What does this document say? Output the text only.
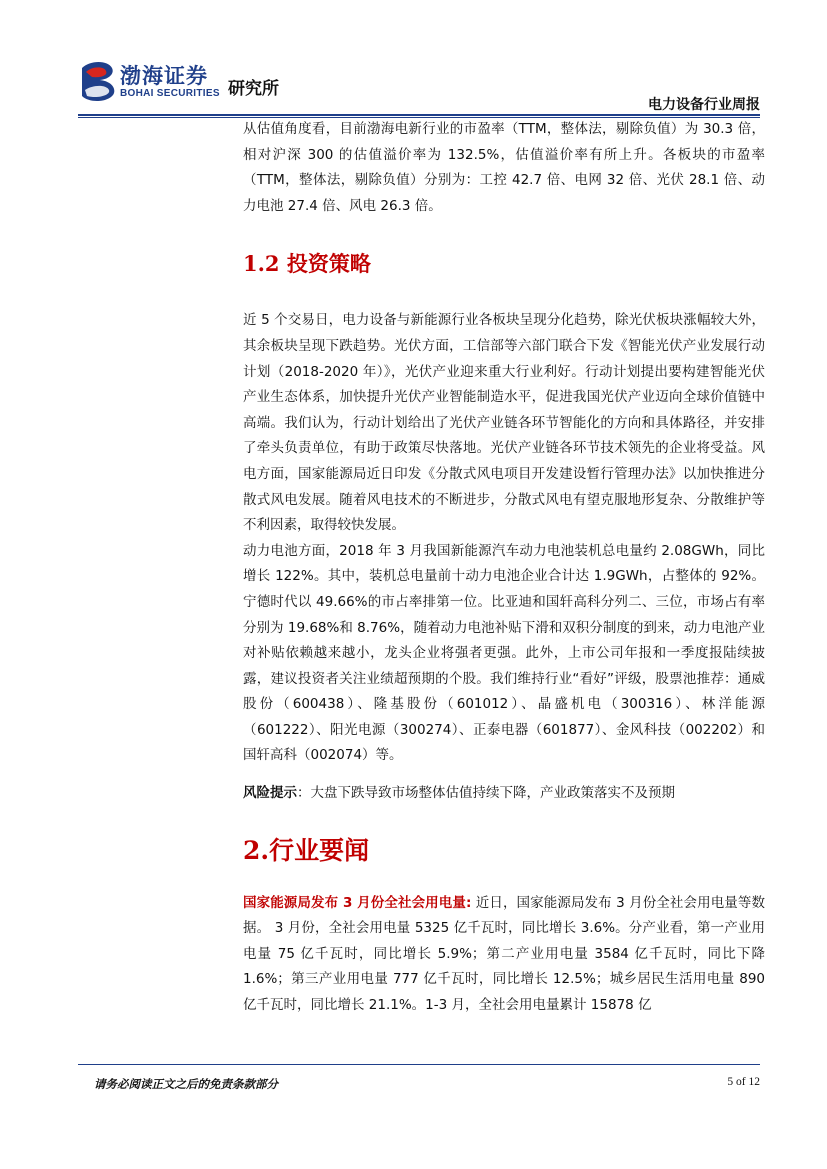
渤海证券
BOHAI SECURITIES 研究所
电力设备行业周报

从估值角度看，目前渤海电新行业的市盈率（TTM，整体法，剔除负值）为 30.3 倍，相对沪深 300 的估值溢价率为 132.5%，估值溢价率有所上升。各板块的市盈率（TTM，整体法，剔除负值）分别为：工控 42.7 倍、电网 32 倍、光伏 28.1 倍、动力电池 27.4 倍、风电 26.3 倍。

1.2 投资策略

近 5 个交易日，电力设备与新能源行业各板块呈现分化趋势，除光伏板块涨幅较大外，其余板块呈现下跌趋势。光伏方面，工信部等六部门联合下发《智能光伏产业发展行动计划（2018-2020 年）》，光伏产业迎来重大行业利好。行动计划提出要构建智能光伏产业生态体系，加快提升光伏产业智能制造水平，促进我国光伏产业迈向全球价值链中高端。我们认为，行动计划给出了光伏产业链各环节智能化的方向和具体路径，并安排了牵头负责单位，有助于政策尽快落地。光伏产业链各环节技术领先的企业将受益。风电方面，国家能源局近日印发《分散式风电项目开发建设暂行管理办法》以加快推进分散式风电发展。随着风电技术的不断进步，分散式风电有望克服地形复杂、分散维护等不利因素，取得较快发展。

动力电池方面，2018 年 3 月我国新能源汽车动力电池装机总电量约 2.08GWh，同比增长 122%。其中，装机总电量前十动力电池企业合计达 1.9GWh，占整体的 92%。宁德时代以 49.66%的市占率排第一位。比亚迪和国轩高科分列二、三位，市场占有率分别为 19.68%和 8.76%，随着动力电池补贴下滑和双积分制度的到来，动力电池产业对补贴依赖越来越小，龙头企业将强者更强。此外，上市公司年报和一季度报陆续披露，建议投资者关注业绩超预期的个股。我们维持行业“看好”评级，股票池推荐：通威股份（600438）、隆基股份（601012）、晶盛机电（300316）、林洋能源（601222）、阳光电源（300274）、正泰电器（601877）、金风科技（002202）和国轩高科（002074）等。

风险提示：大盘下跌导致市场整体估值持续下降，产业政策落实不及预期

2.行业要闻

国家能源局发布 3 月份全社会用电量: 近日，国家能源局发布 3 月份全社会用电量等数据。 3 月份，全社会用电量 5325 亿千瓦时，同比增长 3.6%。分产业看，第一产业用电量 75 亿千瓦时，同比增长 5.9%；第二产业用电量 3584 亿千瓦时，同比下降 1.6%；第三产业用电量 777 亿千瓦时，同比增长 12.5%；城乡居民生活用电量 890 亿千瓦时，同比增长 21.1%。1-3 月，全社会用电量累计 15878 亿

请务必阅读正文之后的免责条款部分	5 of 12
